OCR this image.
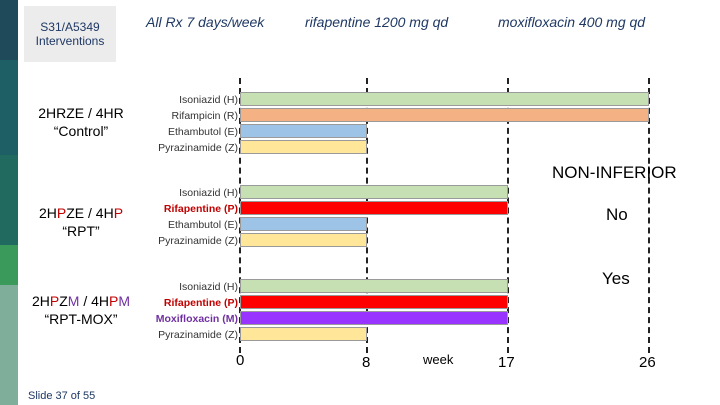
S31/A5349
Interventions
All Rx 7 days/week	rifapentine 1200 mg qd	moxifloxacin 400 mg qd
2HRZE / 4HR
“Control”
Isoniazid (H)
Rifampicin (R)
Ethambutol (E)
Pyrazinamide (Z)
NON-INFERIOR
2HPZE / 4HP
“RPT”
Isoniazid (H)
Rifapentine (P)
Ethambutol (E)
Pyrazinamide (Z)
No
2HPZM / 4HPM
“RPT-MOX”
Isoniazid (H)
Rifapentine (P)
Moxifloxacin (M)
Pyrazinamide (Z)
Yes
0	8	week	17	26
Slide 37 of 55
